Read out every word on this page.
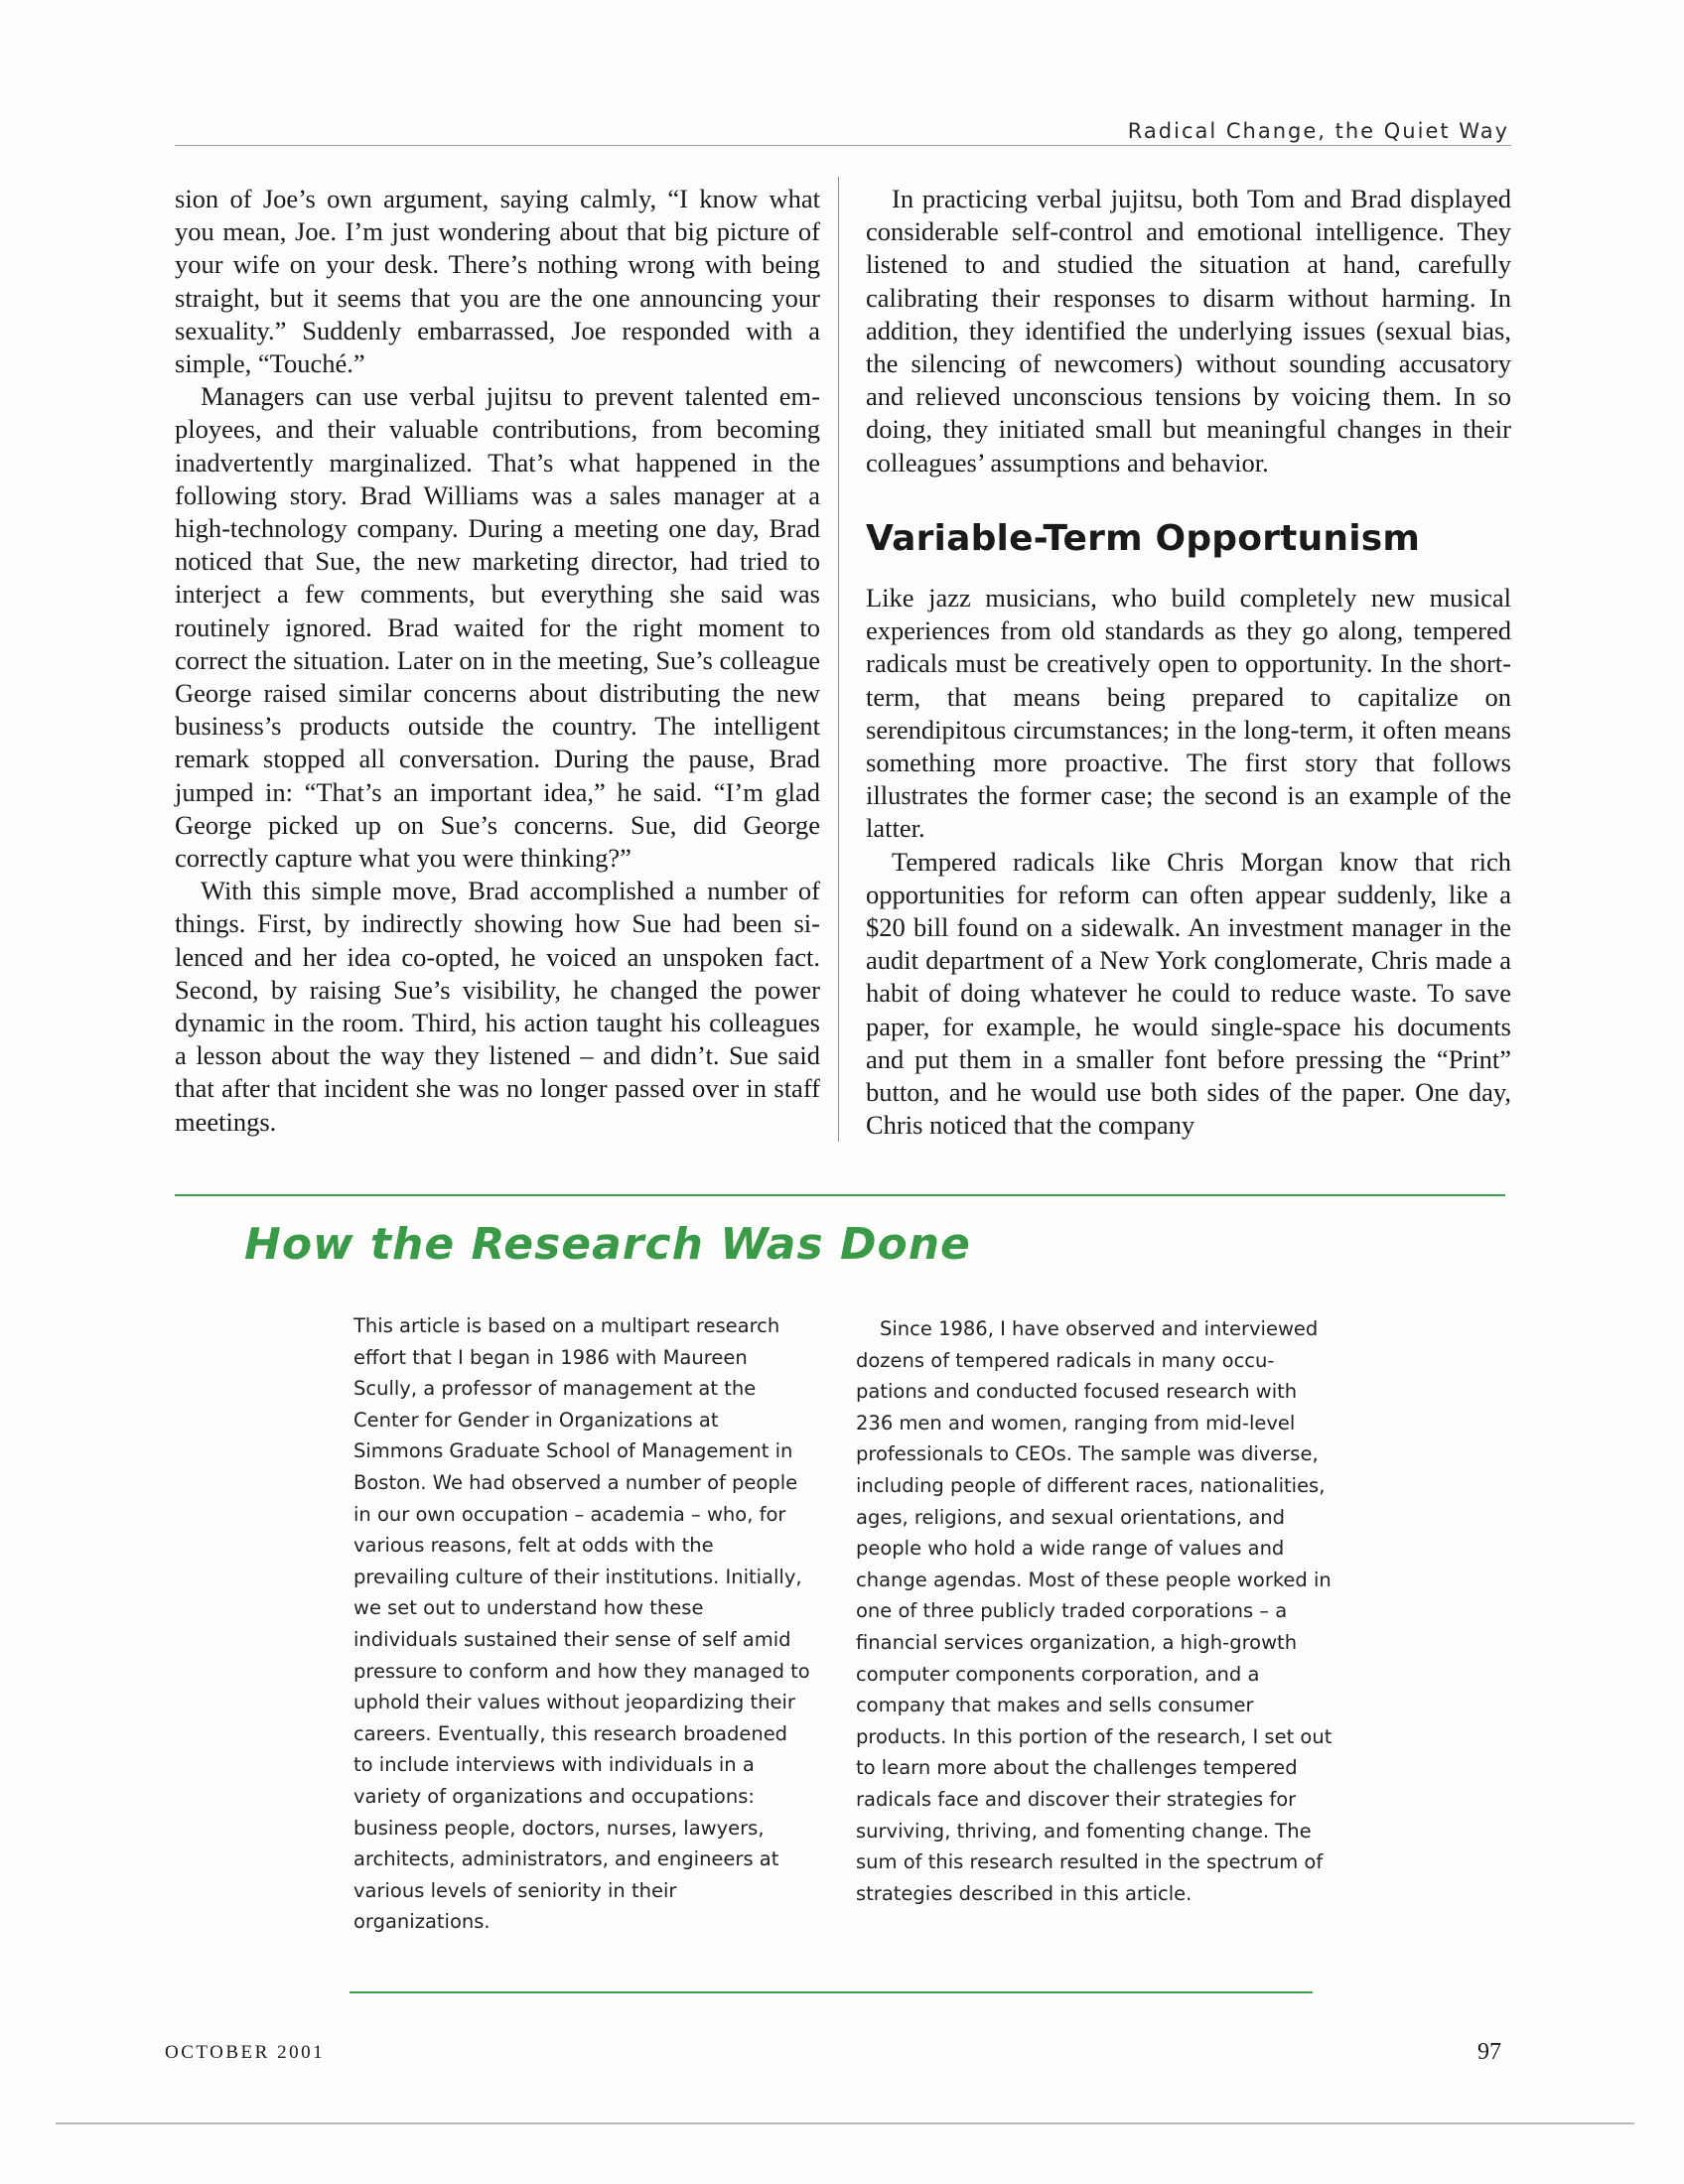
Radical Change, the Quiet Way

sion of Joe’s own argument, saying calmly, “I know what you mean, Joe. I’m just wondering about that big picture of your wife on your desk. There’s nothing wrong with being straight, but it seems that you are the one announcing your sexuality.” Suddenly embarrassed, Joe responded with a simple, “Touché.”

Managers can use verbal jujitsu to prevent talented employees, and their valuable contributions, from becoming inadvertently marginalized. That’s what happened in the following story. Brad Williams was a sales manager at a high-technology company. During a meeting one day, Brad noticed that Sue, the new marketing director, had tried to interject a few comments, but everything she said was routinely ignored. Brad waited for the right moment to correct the situation. Later on in the meeting, Sue’s colleague George raised similar concerns about distributing the new business’s products outside the country. The intelligent remark stopped all conversation. During the pause, Brad jumped in: “That’s an important idea,” he said. “I’m glad George picked up on Sue’s concerns. Sue, did George correctly capture what you were thinking?”

With this simple move, Brad accomplished a number of things. First, by indirectly showing how Sue had been silenced and her idea co-opted, he voiced an unspoken fact. Second, by raising Sue’s visibility, he changed the power dynamic in the room. Third, his action taught his colleagues a lesson about the way they listened – and didn’t. Sue said that after that incident she was no longer passed over in staff meetings.

In practicing verbal jujitsu, both Tom and Brad displayed considerable self-control and emotional intelligence. They listened to and studied the situation at hand, carefully calibrating their responses to disarm without harming. In addition, they identified the underlying issues (sexual bias, the silencing of newcomers) without sounding accusatory and relieved unconscious tensions by voicing them. In so doing, they initiated small but meaningful changes in their colleagues’ assumptions and behavior.

Variable-Term Opportunism

Like jazz musicians, who build completely new musical experiences from old standards as they go along, tempered radicals must be creatively open to opportunity. In the short-term, that means being prepared to capitalize on serendipitous circumstances; in the long-term, it often means something more proactive. The first story that follows illustrates the former case; the second is an example of the latter.

Tempered radicals like Chris Morgan know that rich opportunities for reform can often appear suddenly, like a $20 bill found on a sidewalk. An investment manager in the audit department of a New York conglomerate, Chris made a habit of doing whatever he could to reduce waste. To save paper, for example, he would single-space his documents and put them in a smaller font before pressing the “Print” button, and he would use both sides of the paper. One day, Chris noticed that the company

How the Research Was Done

This article is based on a multipart research effort that I began in 1986 with Maureen Scully, a professor of management at the Center for Gender in Organizations at Simmons Graduate School of Management in Boston. We had observed a number of people in our own occupation – academia – who, for various reasons, felt at odds with the prevailing culture of their institutions. Initially, we set out to understand how these individuals sustained their sense of self amid pressure to conform and how they managed to uphold their values without jeopardizing their careers. Eventually, this research broadened to include interviews with individuals in a variety of organizations and occupations: business people, doctors, nurses, lawyers, architects, administrators, and engineers at various levels of seniority in their organizations.

Since 1986, I have observed and interviewed dozens of tempered radicals in many occupations and conducted focused research with 236 men and women, ranging from mid-level professionals to CEOs. The sample was diverse, including people of different races, nationalities, ages, religions, and sexual orientations, and people who hold a wide range of values and change agendas. Most of these people worked in one of three publicly traded corporations – a financial services organization, a high-growth computer components corporation, and a company that makes and sells consumer products. In this portion of the research, I set out to learn more about the challenges tempered radicals face and discover their strategies for surviving, thriving, and fomenting change. The sum of this research resulted in the spectrum of strategies described in this article.

OCTOBER 2001	97
